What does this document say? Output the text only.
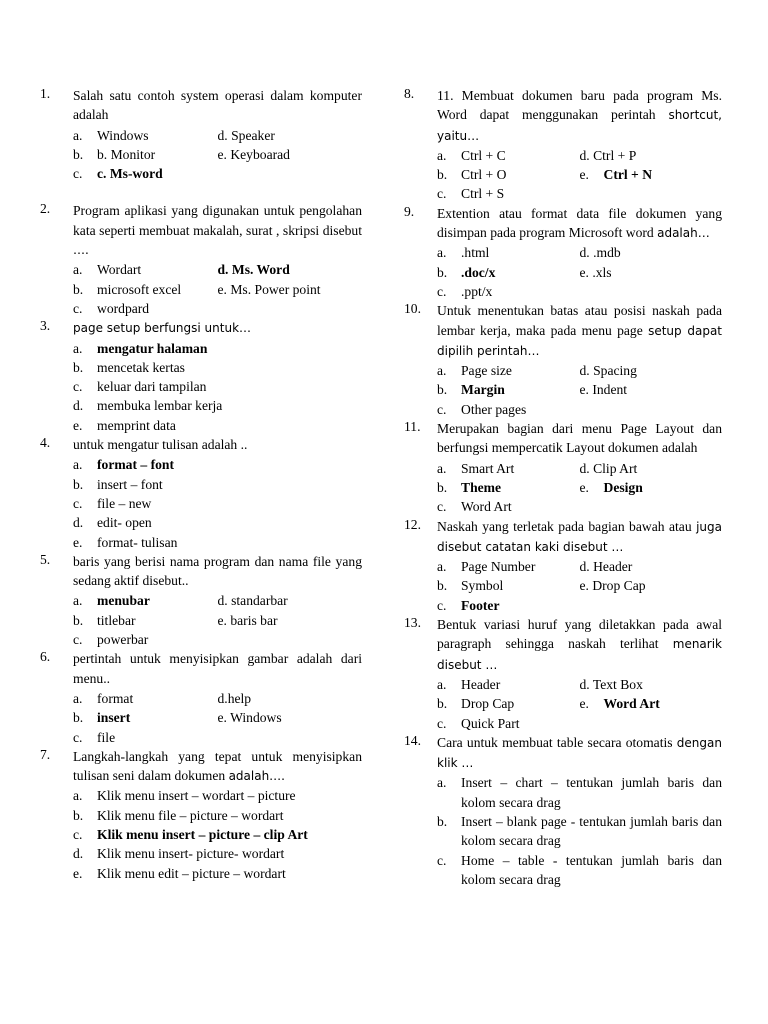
1. Salah satu contoh system operasi dalam komputer adalah
a.	Windows	d. Speaker
b.	b. Monitor	e. Keyboarad
c.	c. Ms-word
2. Program aplikasi yang digunakan untuk pengolahan kata seperti membuat makalah, surat , skripsi disebut ….
a.	Wordart	d. Ms. Word
b.	microsoft excel	e. Ms. Power point
c.	wordpard
3. page setup berfungsi untuk…
a.	mengatur halaman
b.	mencetak kertas
c.	keluar dari tampilan
d.	membuka lembar kerja
e.	memprint data
4. untuk mengatur tulisan adalah ..
a.	format – font
b.	insert – font
c.	file – new
d.	edit- open
e.	format- tulisan
5. baris yang berisi nama program dan nama file yang sedang aktif disebut..
a.	menubar	d. standarbar
b.	titlebar	e. baris bar
c.	powerbar
6. pertintah untuk menyisipkan gambar adalah dari menu..
a.	format	d.help
b.	insert	e. Windows
c.	file
7. Langkah-langkah yang tepat untuk menyisipkan tulisan seni dalam dokumen adalah….
a.	Klik menu insert – wordart – picture
b.	Klik menu file – picture – wordart
c.	Klik menu insert – picture – clip Art
d.	Klik menu insert- picture- wordart
e.	Klik menu edit – picture – wordart
8. 11. Membuat dokumen baru pada program Ms. Word dapat menggunakan perintah shortcut, yaitu…
a.	Ctrl + C	d. Ctrl + P
b.	Ctrl + O	e.	Ctrl + N
c.	Ctrl + S
9. Extention atau format data file dokumen yang disimpan pada program Microsoft word adalah…
a.	.html	d. .mdb
b.	.doc/x	e. .xls
c.	.ppt/x
10. Untuk menentukan batas atau posisi naskah pada lembar kerja, maka pada menu page setup dapat dipilih perintah…
a.	Page size	d. Spacing
b.	Margin	e. Indent
c.	Other pages
11. Merupakan bagian dari menu Page Layout dan berfungsi mempercatik Layout dokumen adalah
a.	Smart Art	d. Clip Art
b.	Theme	e.	Design
c.	Word Art
12. Naskah yang terletak pada bagian bawah atau juga disebut catatan kaki disebut …
a.	Page Number	d. Header
b.	Symbol	e. Drop Cap
c.	Footer
13. Bentuk variasi huruf yang diletakkan pada awal paragraph sehingga naskah terlihat menarik disebut …
a.	Header	d. Text Box
b.	Drop Cap	e.	Word Art
c.	Quick Part
14. Cara untuk membuat table secara otomatis dengan klik …
a.	Insert – chart – tentukan jumlah baris dan kolom secara drag
b.	Insert – blank page - tentukan jumlah baris dan kolom secara drag
c.	Home – table - tentukan jumlah baris dan kolom secara drag
